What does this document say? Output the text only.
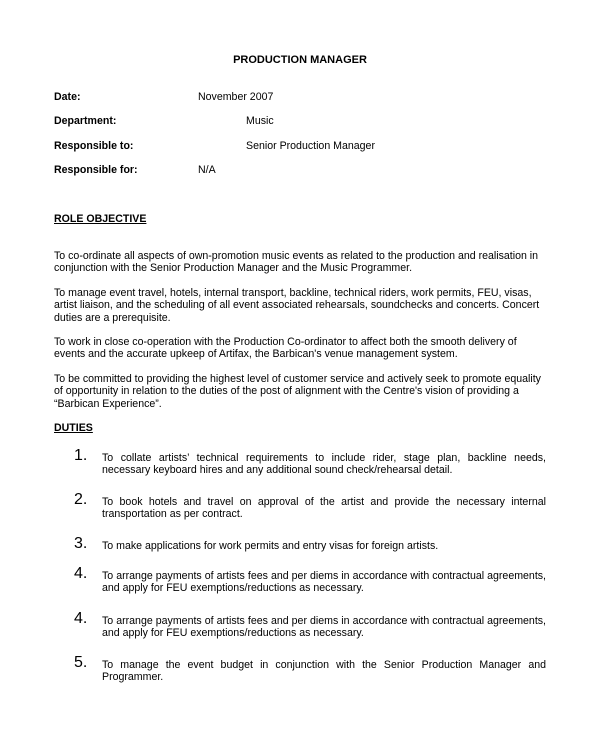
PRODUCTION MANAGER
Date:	November 2007
Department:	Music
Responsible to:	Senior Production Manager
Responsible for:	N/A
ROLE OBJECTIVE

To co-ordinate all aspects of own-promotion music events as related to the production and realisation in conjunction with the Senior Production Manager and the Music Programmer.

To manage event travel, hotels, internal transport, backline, technical riders, work permits, FEU, visas, artist liaison, and the scheduling of all event associated rehearsals, soundchecks and concerts. Concert duties are a prerequisite.

To work in close co-operation with the Production Co-ordinator to affect both the smooth delivery of events and the accurate upkeep of Artifax, the Barbican's venue management system.

To be committed to providing the highest level of customer service and actively seek to promote equality of opportunity in relation to the duties of the post of alignment with the Centre's vision of providing a “Barbican Experience”.

DUTIES
1. To collate artists’ technical requirements to include rider, stage plan, backline needs, necessary keyboard hires and any additional sound check/rehearsal detail.

2. To book hotels and travel on approval of the artist and provide the necessary internal transportation as per contract.

3. To make applications for work permits and entry visas for foreign artists.

4. To arrange payments of artists fees and per diems in accordance with contractual agreements, and apply for FEU exemptions/reductions as necessary.

4. To arrange payments of artists fees and per diems in accordance with contractual agreements, and apply for FEU exemptions/reductions as necessary.

5. To manage the event budget in conjunction with the Senior Production Manager and Programmer.
